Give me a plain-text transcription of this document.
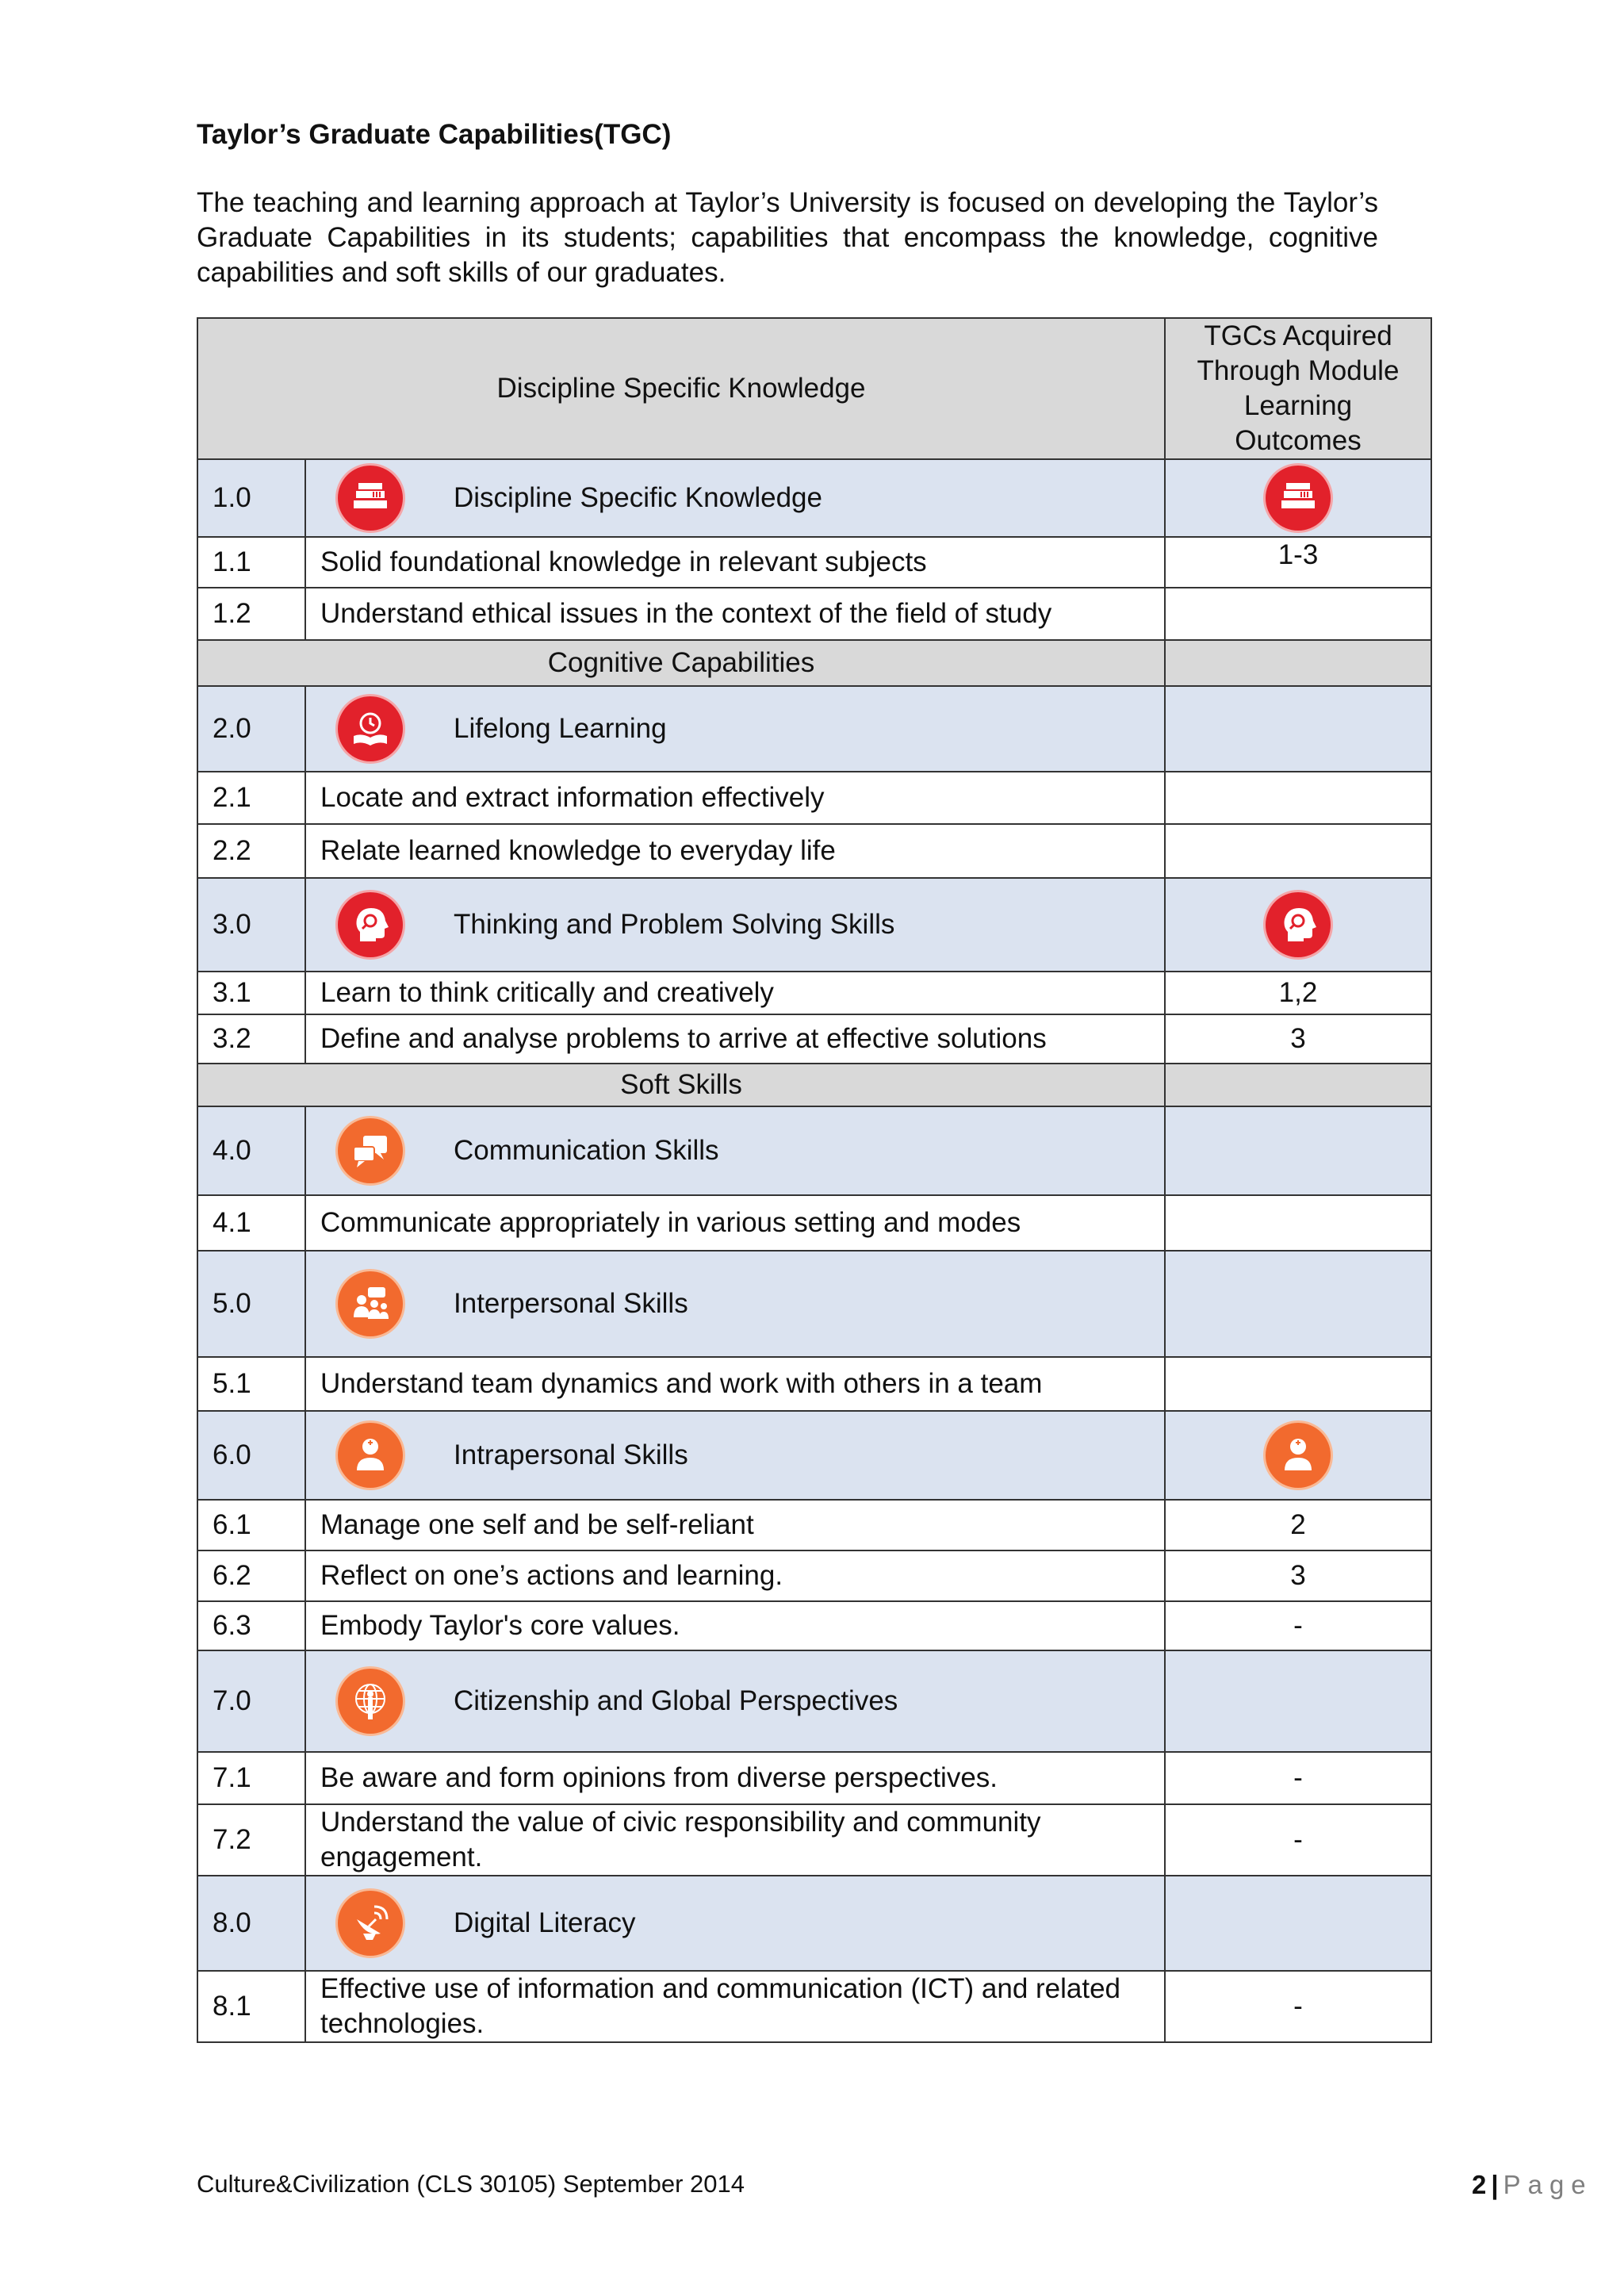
Taylor’s Graduate Capabilities(TGC)
The teaching and learning approach at Taylor’s University is focused on developing the Taylor’s Graduate Capabilities in its students; capabilities that encompass the knowledge, cognitive capabilities and soft skills of our graduates.
Discipline Specific Knowledge		TGCs Acquired Through Module Learning Outcomes
1.0	Discipline Specific Knowledge

1.1	Solid foundational knowledge in relevant subjects	1-3
1.2	Understand ethical issues in the context of the field of study	
Cognitive Capabilities		
2.0	Lifelong Learning	

2.1	Locate and extract information effectively	
2.2	Relate learned knowledge to everyday life	
3.0	Thinking and Problem Solving Skills

3.1	Learn to think critically and creatively	1,2
3.2	Define and analyse problems to arrive at effective solutions	3
Soft Skills		
4.0	Communication Skills	

4.1	Communicate appropriately in various setting and modes	
5.0	Interpersonal Skills	

5.1	Understand team dynamics and work with others in a team	
6.0	Intrapersonal Skills

6.1	Manage one self and be self-reliant	2
6.2	Reflect on one’s actions and learning.	3
6.3	Embody Taylor's core values.	-
7.0	Citizenship and Global Perspectives	

7.1	Be aware and form opinions from diverse perspectives.	-
7.2	Understand the value of civic responsibility and community engagement.	-
8.0	Digital Literacy	

8.1	Effective use of information and communication (ICT) and related technologies.	-
Culture&Civilization (CLS 30105) September 2014	2 | Page
